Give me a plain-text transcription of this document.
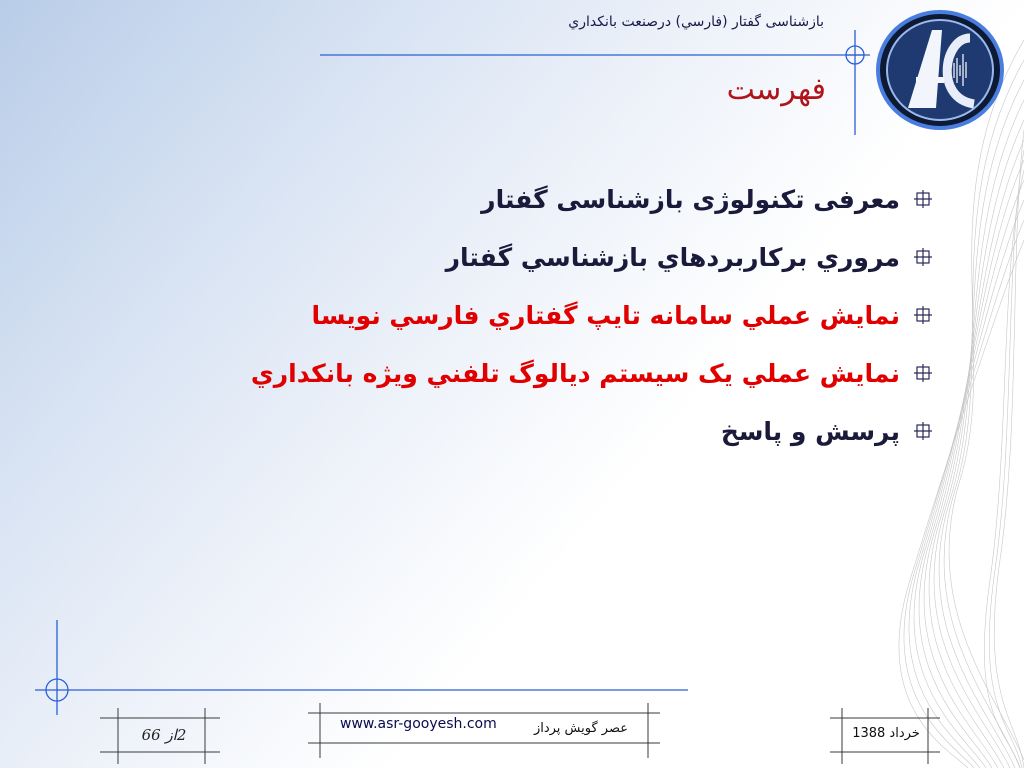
بازشناسی گفتار (فارسي) درصنعت بانکداري
فهرست
معرفی تکنولوژی بازشناسی گفتار
مروري برکاربردهاي بازشناسي گفتار
نمايش عملي سامانه تايپ گفتاري فارسي نويسا
نمايش عملي يک سيستم ديالوگ تلفني ويژه بانکداري
پرسش و پاسخ
2از 66
www.asr-gooyesh.com	عصر گويش پرداز	خرداد 1388
